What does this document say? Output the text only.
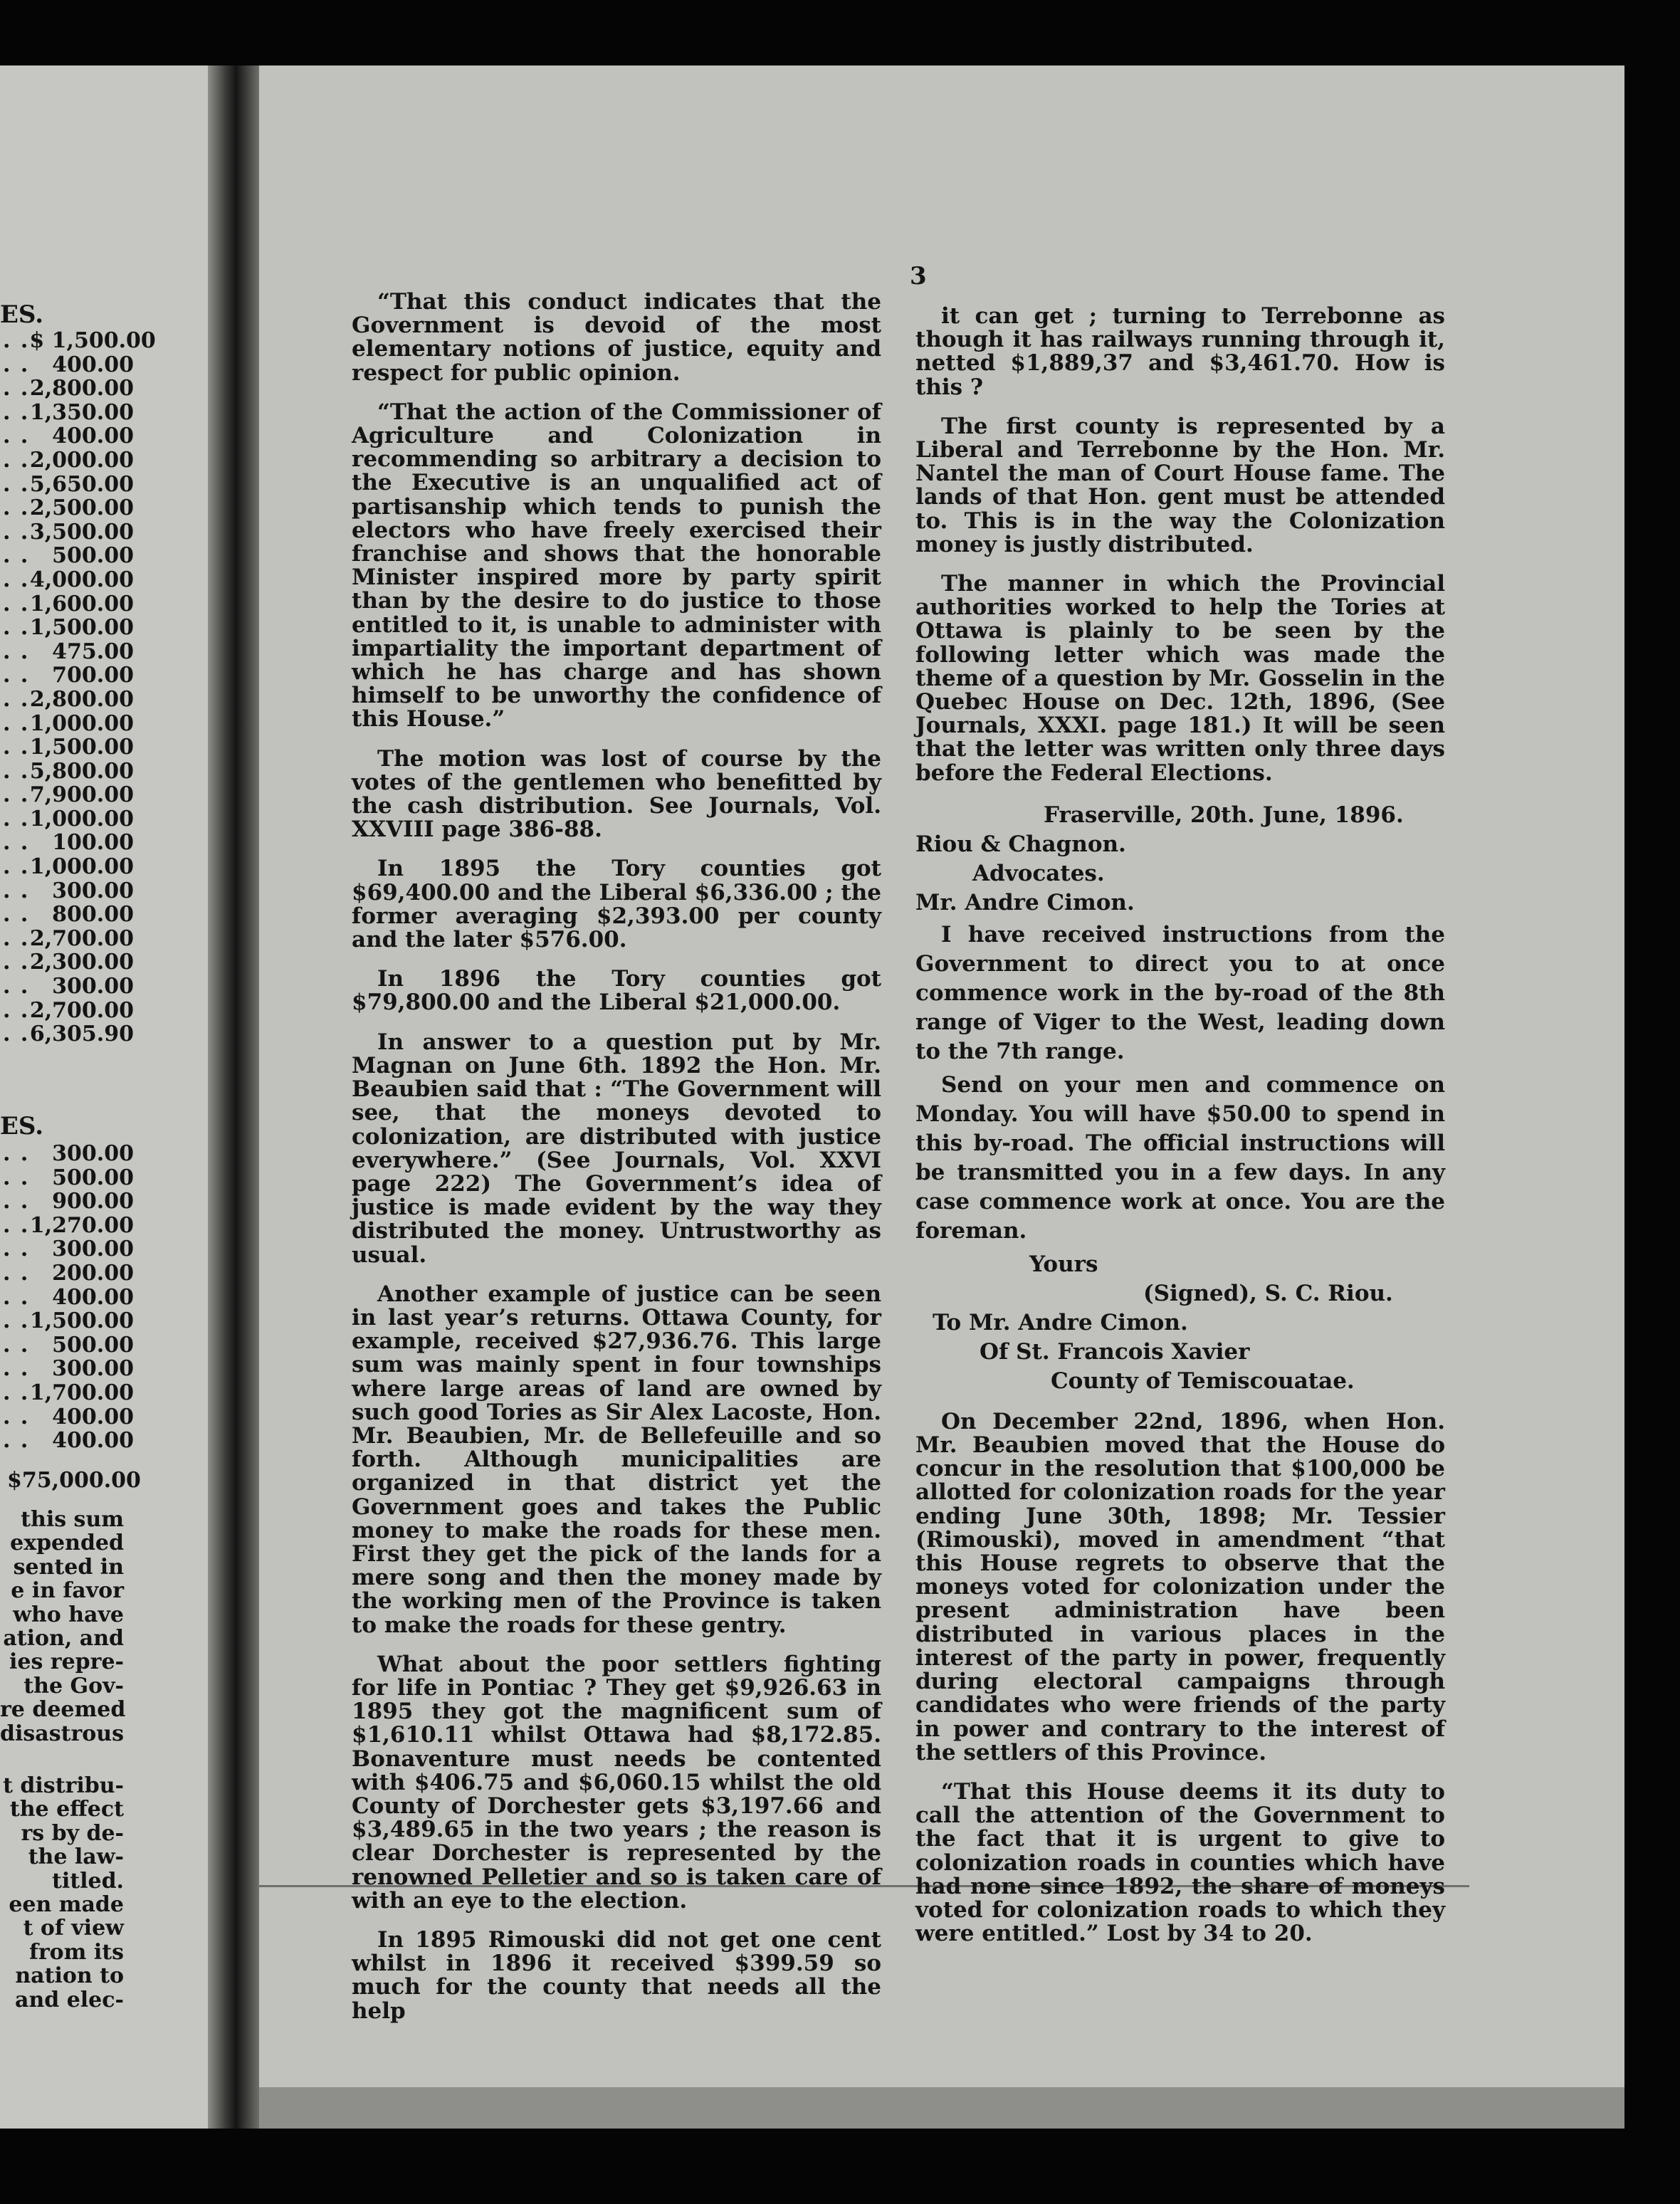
ES.
. . $ 1,500.00
. . 400.00
. . 2,800.00
. . 1,350.00
. . 400.00
. . 2,000.00
. . 5,650.00
. . 2,500.00
. . 3,500.00
. . 500.00
. . 4,000.00
. . 1,600.00
. . 1,500.00
. . 475.00
. . 700.00
. . 2,800.00
. . 1,000.00
. . 1,500.00
. . 5,800.00
. . 7,900.00
. . 1,000.00
. . 100.00
. . 1,000.00
. . 300.00
. . 800.00
. . 2,700.00
. . 2,300.00
. . 300.00
. . 2,700.00
. . 6,305.90
ES.
. . 300.00
. . 500.00
. . 900.00
. . 1,270.00
. . 300.00
. . 200.00
. . 400.00
. . 1,500.00
. . 500.00
. . 300.00
. . 1,700.00
. . 400.00
. . 400.00
$75,000.00
this sum
expended
sented in
e in favor
who have
ation, and
ies repre-
the Gov-
re deemed
disastrous
t distribu-
the effect
rs by de-
the law-
titled.
een made
t of view
from its
nation to
and elec-
3

“That this conduct indicates that the Government is devoid of the most elementary notions of justice, equity and respect for public opinion.

“That the action of the Commissioner of Agriculture and Colonization in recommending so arbitrary a decision to the Executive is an unqualified act of partisanship which tends to punish the electors who have freely exercised their franchise and shows that the honorable Minister inspired more by party spirit than by the desire to do justice to those entitled to it, is unable to administer with impartiality the important department of which he has charge and has shown himself to be unworthy the confidence of this House.”

The motion was lost of course by the votes of the gentlemen who benefitted by the cash distribution. See Journals, Vol. XXVIII page 386-88.

In 1895 the Tory counties got $69,400.00 and the Liberal $6,336.00 ; the former averaging $2,393.00 per county and the later $576.00.

In 1896 the Tory counties got $79,800.00 and the Liberal $21,000.00.

In answer to a question put by Mr. Magnan on June 6th. 1892 the Hon. Mr. Beaubien said that : “The Government will see, that the moneys devoted to colonization, are distributed with justice everywhere.” (See Journals, Vol. XXVI page 222) The Government’s idea of justice is made evident by the way they distributed the money. Untrustworthy as usual.

Another example of justice can be seen in last year’s returns. Ottawa County, for example, received $27,936.76. This large sum was mainly spent in four townships where large areas of land are owned by such good Tories as Sir Alex Lacoste, Hon. Mr. Beaubien, Mr. de Bellefeuille and so forth. Although municipalities are organized in that district yet the Government goes and takes the Public money to make the roads for these men. First they get the pick of the lands for a mere song and then the money made by the working men of the Province is taken to make the roads for these gentry.

What about the poor settlers fighting for life in Pontiac ? They get $9,926.63 in 1895 they got the magnificent sum of $1,610.11 whilst Ottawa had $8,172.85. Bonaventure must needs be contented with $406.75 and $6,060.15 whilst the old County of Dorchester gets $3,197.66 and $3,489.65 in the two years ; the reason is clear Dorchester is represented by the renowned Pelletier and so is taken care of with an eye to the election.

In 1895 Rimouski did not get one cent whilst in 1896 it received $399.59 so much for the county that needs all the help

it can get ; turning to Terrebonne as though it has railways running through it, netted $1,889,37 and $3,461.70. How is this ?

The first county is represented by a Liberal and Terrebonne by the Hon. Mr. Nantel the man of Court House fame. The lands of that Hon. gent must be attended to. This is in the way the Colonization money is justly distributed.

The manner in which the Provincial authorities worked to help the Tories at Ottawa is plainly to be seen by the following letter which was made the theme of a question by Mr. Gosselin in the Quebec House on Dec. 12th, 1896, (See Journals, XXXI. page 181.) It will be seen that the letter was written only three days before the Federal Elections.

Fraserville, 20th. June, 1896.
Riou & Chagnon.
Advocates.
Mr. Andre Cimon.

I have received instructions from the Government to direct you to at once commence work in the by-road of the 8th range of Viger to the West, leading down to the 7th range.

Send on your men and commence on Monday. You will have $50.00 to spend in this by-road. The official instructions will be transmitted you in a few days. In any case commence work at once. You are the foreman.

Yours
(Signed), S. C. Riou.
To Mr. Andre Cimon.
Of St. Francois Xavier
County of Temiscouatae.

On December 22nd, 1896, when Hon. Mr. Beaubien moved that the House do concur in the resolution that $100,000 be allotted for colonization roads for the year ending June 30th, 1898; Mr. Tessier (Rimouski), moved in amendment “that this House regrets to observe that the moneys voted for colonization under the present administration have been distributed in various places in the interest of the party in power, frequently during electoral campaigns through candidates who were friends of the party in power and contrary to the interest of the settlers of this Province.

“That this House deems it its duty to call the attention of the Government to the fact that it is urgent to give to colonization roads in counties which have had none since 1892, the share of moneys voted for colonization roads to which they were entitled.” Lost by 34 to 20.
